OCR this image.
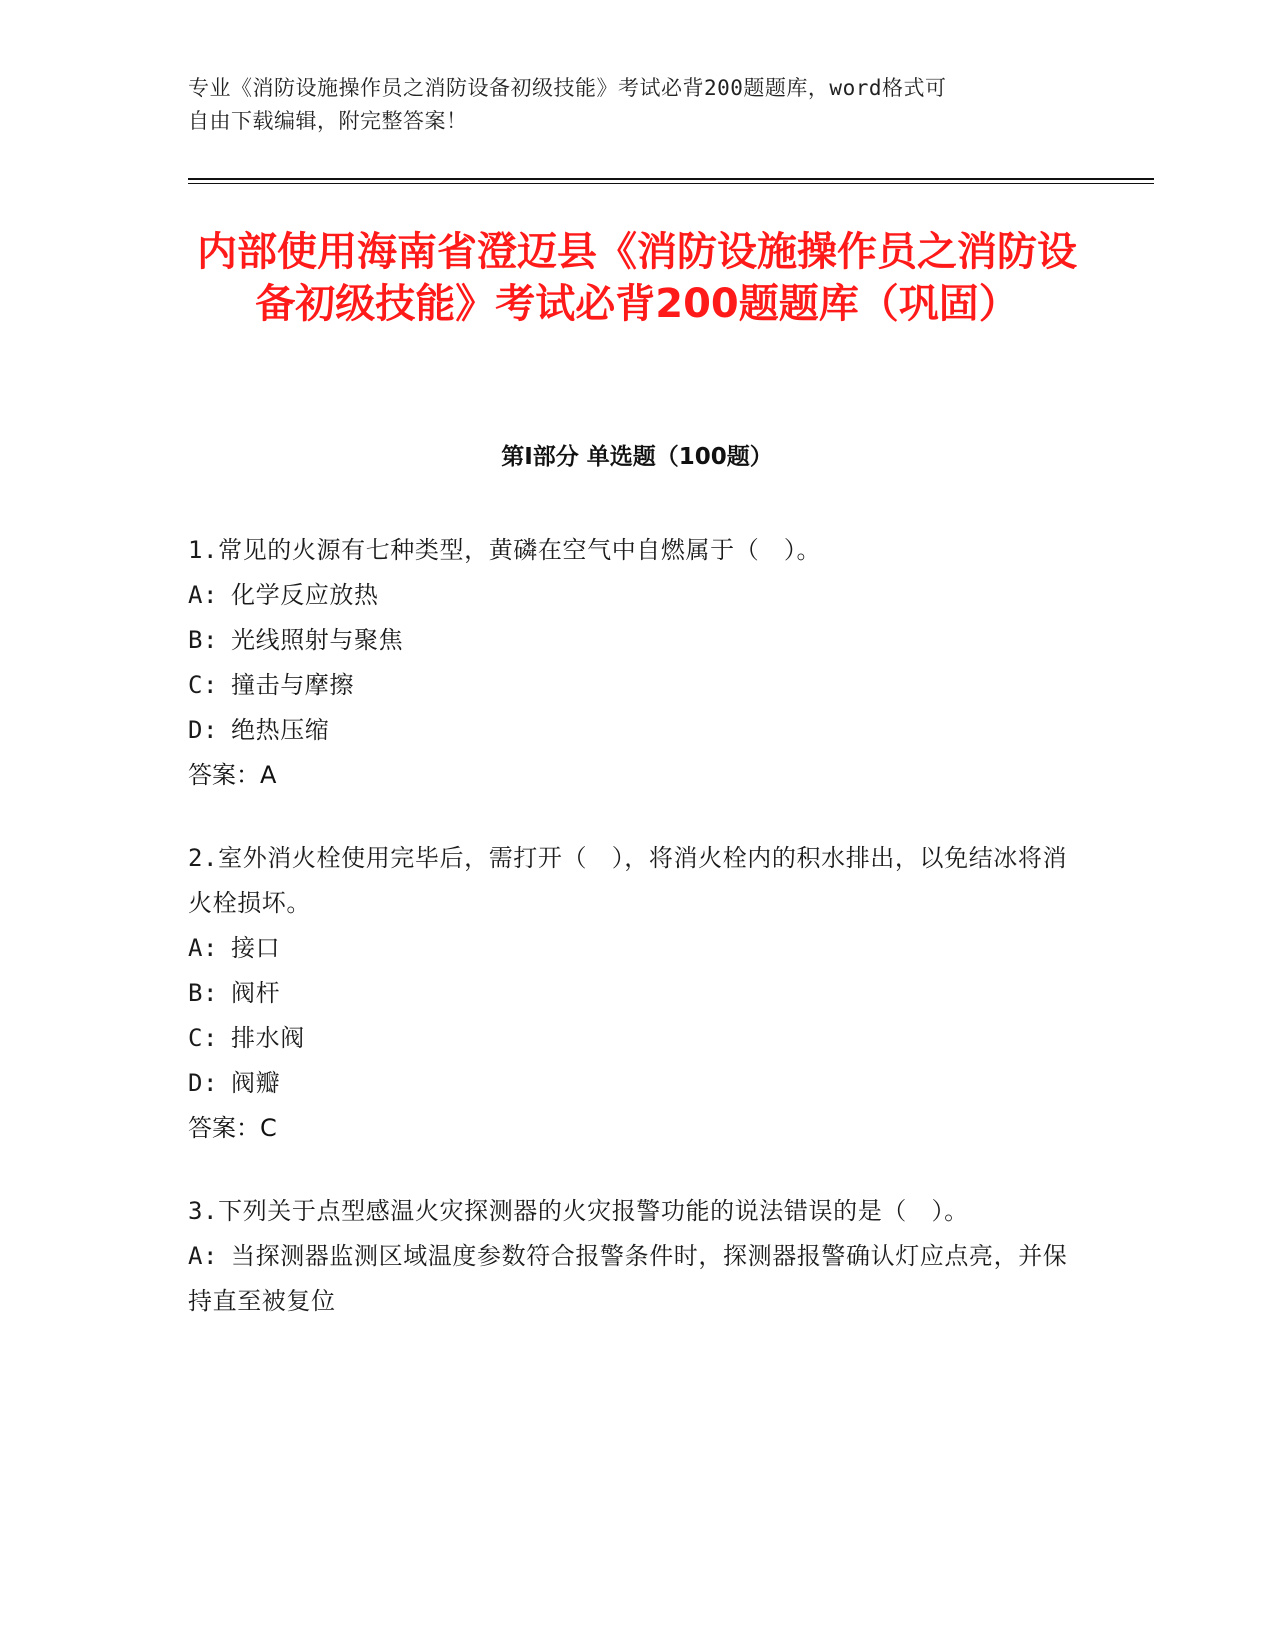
专业《消防设施操作员之消防设备初级技能》考试必背200题题库，word格式可
自由下载编辑，附完整答案！
内部使用海南省澄迈县《消防设施操作员之消防设备初级技能》考试必背200题题库（巩固）
第Ⅰ部分 单选题（100题）
1.常见的火源有七种类型，黄磷在空气中自燃属于（　）。
A: 化学反应放热
B: 光线照射与聚焦
C: 撞击与摩擦
D: 绝热压缩
答案：A
2.室外消火栓使用完毕后，需打开（　），将消火栓内的积水排出，以免结冰将消火栓损坏。
A: 接口
B: 阀杆
C: 排水阀
D: 阀瓣
答案：C
3.下列关于点型感温火灾探测器的火灾报警功能的说法错误的是（　）。
A: 当探测器监测区域温度参数符合报警条件时，探测器报警确认灯应点亮，并保持直至被复位
